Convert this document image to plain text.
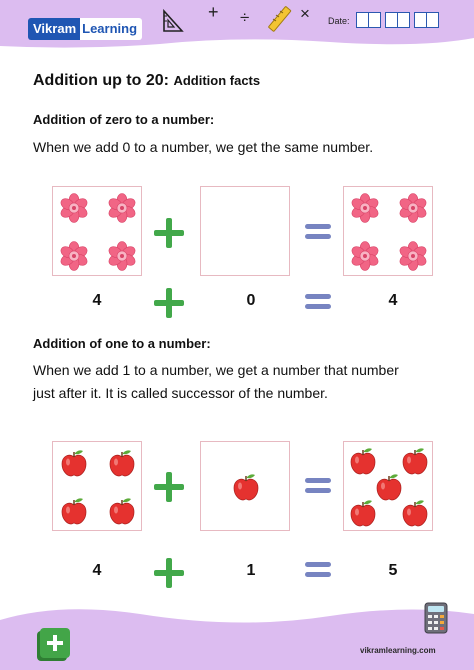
Vikram Learning
+ ÷	× Date:
Addition up to 20: Addition facts
Addition of zero to a number:
When we add 0 to a number, we get the same number.
4	0	4
Addition of one to a number:
When we add 1 to a number, we get a number that number
just after it. It is called successor of the number.
4	1	5
vikramlearning.com
